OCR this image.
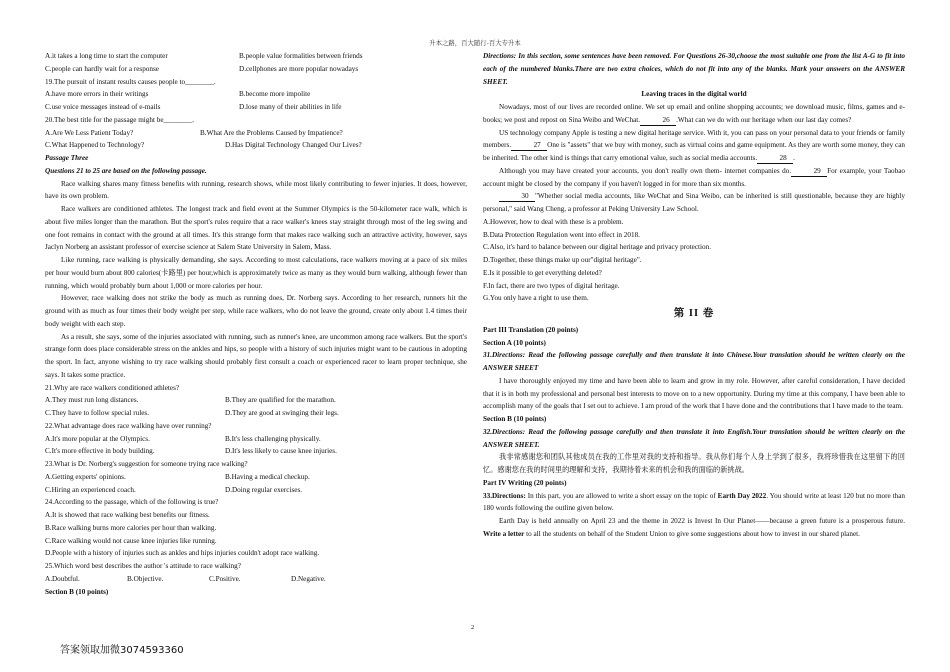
升本之路，百大随行-百大专升本
A.it takes a long time to start the computer	B.people value formalities between friends
C.people can hardly wait for a response	D.cellphones are more popular nowadays
19.The pursuit of instant results causes people to________.
A.have more errors in their writings	B.become more impolite
C.use voice messages instead of e-mails	D.lose many of their abilities in life
20.The best title for the passage might be________.
A.Are We Less Patient Today?	B.What Are the Problems Caused by Impatience?
C.What Happened to Technology?	D.Has Digital Technology Changed Our Lives?
Passage Three
Questions 21 to 25 are based on the following passage.
Race walking shares many fitness benefits with running, research shows, while most likely contributing to fewer injuries. It does, however, have its own problem.
Race walkers are conditioned athletes. The longest track and field event at the Summer Olympics is the 50-kilometer race walk, which is about five miles longer than the marathon. But the sport's rules require that a race walker's knees stay straight through most of the leg swing and one foot remains in contact with the ground at all times. It's this strange form that makes race walking such an attractive activity, however, says Jaclyn Norberg an assistant professor of exercise science at Salem State University in Salem, Mass.
Like running, race walking is physically demanding, she says. According to most calculations, race walkers moving at a pace of six miles per hour would burn about 800 calories(卡路里) per hour,which is approximately twice as many as they would burn walking, although fewer than running, which would probably burn about 1,000 or more calories per hour.
However, race walking does not strike the body as much as running does, Dr. Norberg says. According to her research, runners hit the ground with as much as four times their body weight per step, while race walkers, who do not leave the ground, create only about 1.4 times their body weight with each step.
As a result, she says, some of the injuries associated with running, such as runner's knee, are uncommon among race walkers. But the sport's strange form does place considerable stress on the ankles and hips, so people with a history of such injuries might want to be cautious in adopting the sport. In fact, anyone wishing to try race walking should probably first consult a coach or experienced racer to learn proper technique, she says. It takes some practice.
21.Why are race walkers conditioned athletes?
A.They must run long distances.	B.They are qualified for the marathon.
C.They have to follow special rules.	D.They are good at swinging their legs.
22.What advantage does race walking have over running?
A.It's more popular at the Olympics.	B.It's less challenging physically.
C.It's more effective in body building.	D.It's less likely to cause knee injuries.
23.What is Dr. Norberg's suggestion for someone trying race walking?
A.Getting experts' opinions.	B.Having a medical checkup.
C.Hiring an experienced coach.	D.Doing regular exercises.
24.According to the passage, which of the following is true?
A.It is showed that race walking best benefits our fitness.
B.Race walking burns more calories per hour than walking.
C.Race walking would not cause knee injuries like running.
D.People with a history of injuries such as ankles and hips injuries couldn't adopt race walking.
25.Which word best describes the author 's attitude to race walking?
A.Doubtful.	B.Objective.	C.Positive.	D.Negative.
Section B (10 points)
Directions: In this section, some sentences have been removed. For Questions 26-30,choose the most suitable one from the list A-G to fit into each of the numbered blanks.There are two extra choices, which do not fit into any of the blanks. Mark your answers on the ANSWER SHEET.
Leaving traces in the digital world
Nowadays, most of our lives are recorded online. We set up email and online shopping accounts; we download music, films, games and e-books; we post and repost on Sina Weibo and WeChat.	26 .What can we do with our heritage when our last day comes?
US technology company Apple is testing a new digital heritage service. With it, you can pass on your personal data to your friends or family members.	27 One is "assets" that we buy with money, such as virtual coins and game equipment. As they are worth some money, they can be inherited. The other kind is things that carry emotional value, such as social media accounts.	28 .
Although you may have created your accounts, you don't really own them- internet companies do.	29 For example, your Taobao account might be closed by the company if you haven't logged in for more than six months.
30 "Whether social media accounts, like WeChat and Sina Weibo, can be inherited is still questionable, because they are highly personal," said Wang Cheng, a professor at Peking University Law School.
A.However, how to deal with these is a problem.
B.Data Protection Regulation went into effect in 2018.
C.Also, it's hard to balance between our digital heritage and privacy protection.
D.Together, these things make up our"digital heritage".
E.Is it possible to get everything deleted?
F.In fact, there are two types of digital heritage.
G.You only have a right to use them.
第 II 卷
Part III Translation (20 points)
Section A (10 points)
31.Directions: Read the following passage carefully and then translate it into Chinese.Your translation should be written clearly on the ANSWER SHEET
I have thoroughly enjoyed my time and have been able to learn and grow in my role. However, after careful consideration, I have decided that it is in both my professional and personal best interests to move on to a new opportunity. During my time at this company, I have been able to accomplish many of the goals that I set out to achieve. I am proud of the work that I have done and the contributions that I have made to the team.
Section B (10 points)
32.Directions: Read the following passage carefully and then translate it into English.Your translation should be written clearly on the ANSWER SHEET.
我非常感谢您和团队其他成员在我的工作里对我的支持和指导。我从你们每个人身上学到了很多，我将珍惜我在这里留下的回忆。感谢您在我的时间里的理解和支持，我期待着未来的机会和我的面临的新挑战。
Part IV Writing (20 points)
33.Directions: In this part, you are allowed to write a short essay on the topic of Earth Day 2022. You should write at least 120 but no more than 180 words following the outline given below.
Earth Day is held annually on April 23 and the theme in 2022 is Invest In Our Planet——because a green future is a prosperous future. Write a letter to all the students on behalf of the Student Union to give some suggestions about how to invest in our shared planet.
2
答案领取加微3074593360
